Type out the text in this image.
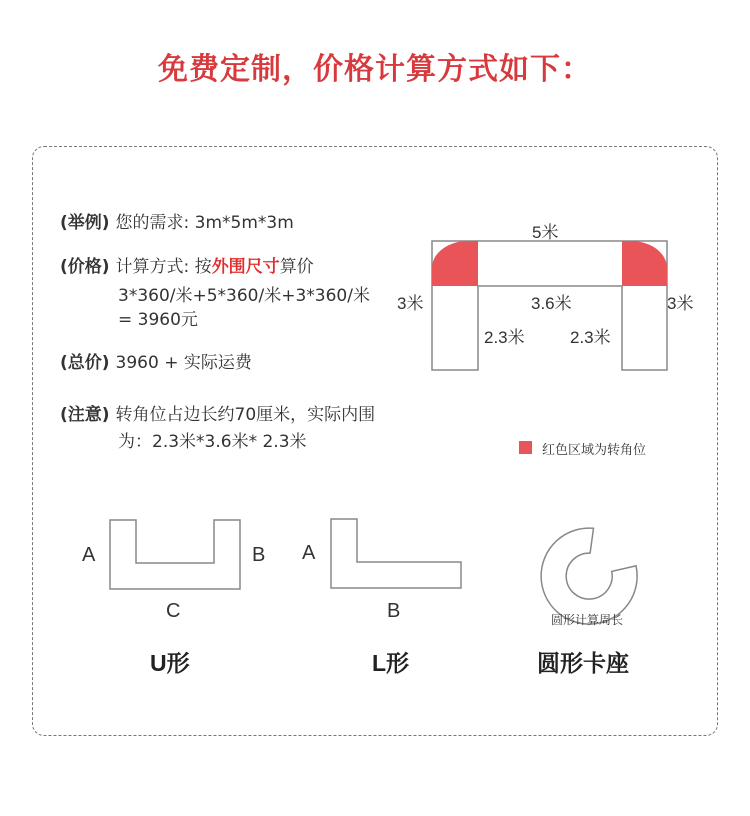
免费定制，价格计算方式如下：
(举例) 您的需求: 3m*5m*3m
(价格) 计算方式: 按外围尺寸算价
3*360/米+5*360/米+3*360/米
= 3960元
(总价) 3960 + 实际运费
(注意) 转角位占边长约70厘米，实际内围
为：2.3米*3.6米* 2.3米
5米
3米	3米
3.6米
2.3米	2.3米
红色区域为转角位
A	B
C
U形
A
B
L形
圆形计算周长
圆形卡座
